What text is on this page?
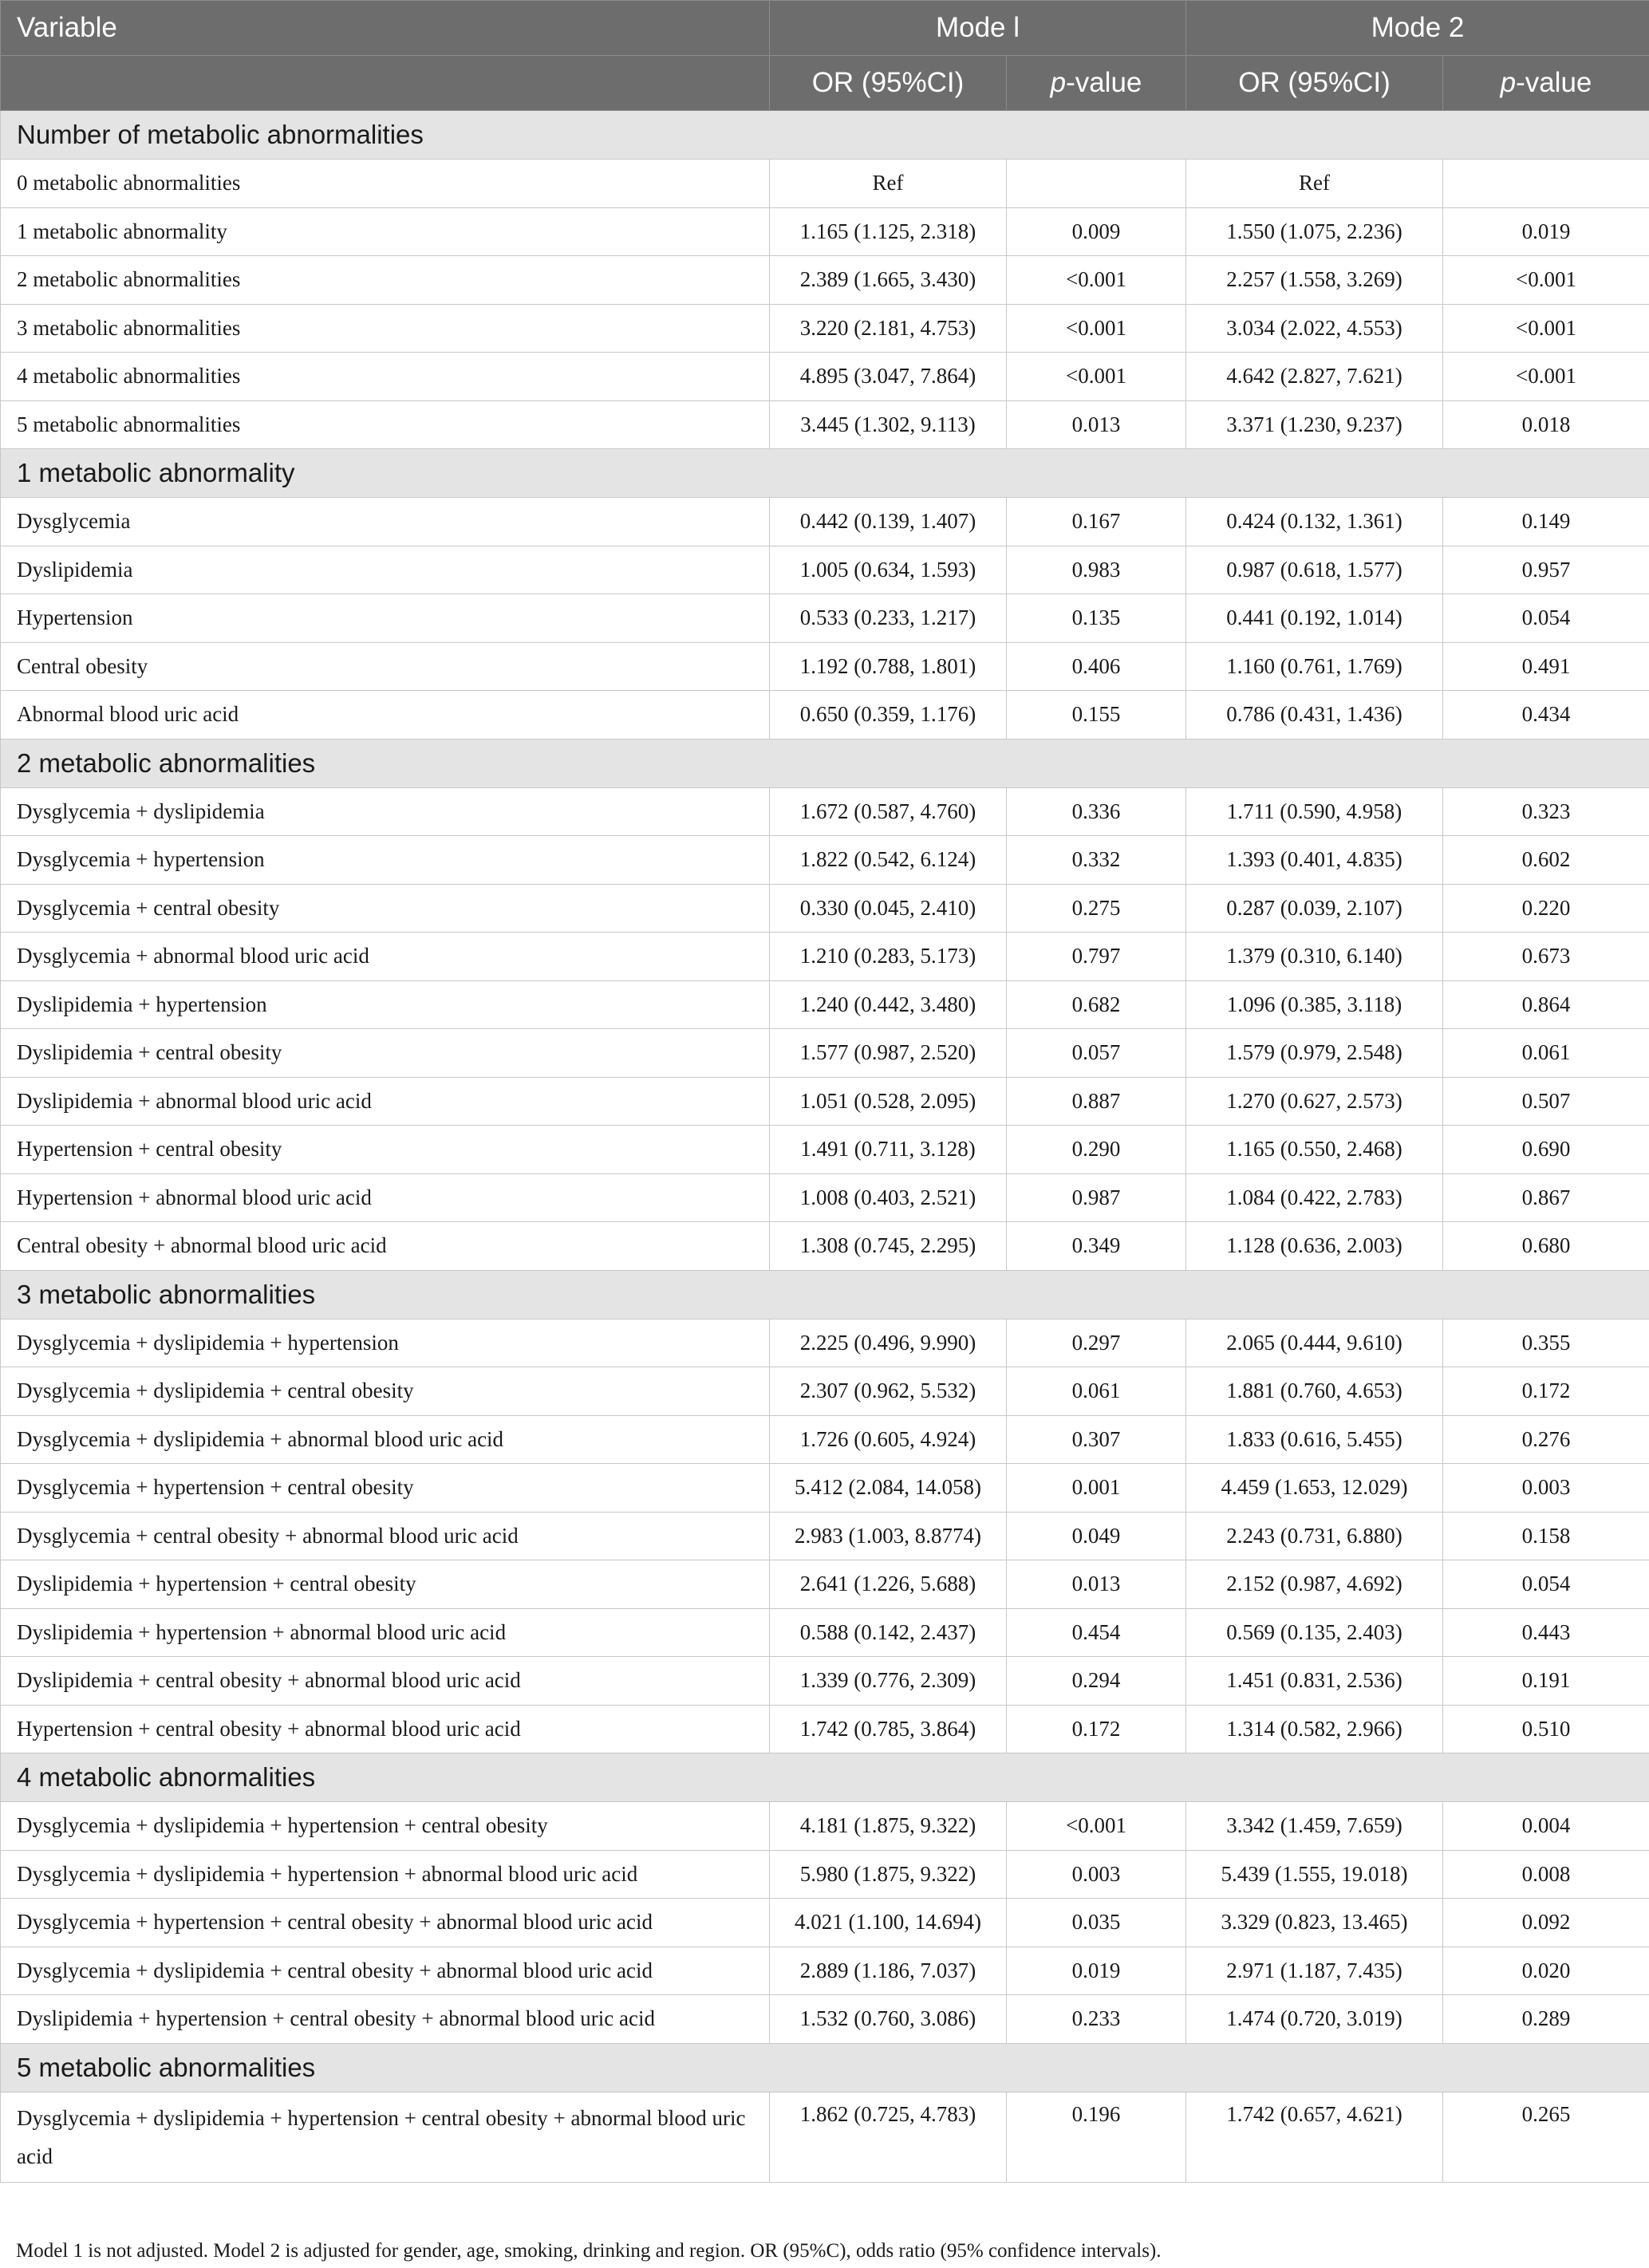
Variable	Mode l		Mode 2	
	OR (95%CI)	p-value	OR (95%CI)	p-value
Number of metabolic abnormalities				
0 metabolic abnormalities	Ref		Ref	
1 metabolic abnormality	1.165 (1.125, 2.318)	0.009	1.550 (1.075, 2.236)	0.019
2 metabolic abnormalities	2.389 (1.665, 3.430)	<0.001	2.257 (1.558, 3.269)	<0.001
3 metabolic abnormalities	3.220 (2.181, 4.753)	<0.001	3.034 (2.022, 4.553)	<0.001
4 metabolic abnormalities	4.895 (3.047, 7.864)	<0.001	4.642 (2.827, 7.621)	<0.001
5 metabolic abnormalities	3.445 (1.302, 9.113)	0.013	3.371 (1.230, 9.237)	0.018
1 metabolic abnormality				
Dysglycemia	0.442 (0.139, 1.407)	0.167	0.424 (0.132, 1.361)	0.149
Dyslipidemia	1.005 (0.634, 1.593)	0.983	0.987 (0.618, 1.577)	0.957
Hypertension	0.533 (0.233, 1.217)	0.135	0.441 (0.192, 1.014)	0.054
Central obesity	1.192 (0.788, 1.801)	0.406	1.160 (0.761, 1.769)	0.491
Abnormal blood uric acid	0.650 (0.359, 1.176)	0.155	0.786 (0.431, 1.436)	0.434
2 metabolic abnormalities				
Dysglycemia + dyslipidemia	1.672 (0.587, 4.760)	0.336	1.711 (0.590, 4.958)	0.323
Dysglycemia + hypertension	1.822 (0.542, 6.124)	0.332	1.393 (0.401, 4.835)	0.602
Dysglycemia + central obesity	0.330 (0.045, 2.410)	0.275	0.287 (0.039, 2.107)	0.220
Dysglycemia + abnormal blood uric acid	1.210 (0.283, 5.173)	0.797	1.379 (0.310, 6.140)	0.673
Dyslipidemia + hypertension	1.240 (0.442, 3.480)	0.682	1.096 (0.385, 3.118)	0.864
Dyslipidemia + central obesity	1.577 (0.987, 2.520)	0.057	1.579 (0.979, 2.548)	0.061
Dyslipidemia + abnormal blood uric acid	1.051 (0.528, 2.095)	0.887	1.270 (0.627, 2.573)	0.507
Hypertension + central obesity	1.491 (0.711, 3.128)	0.290	1.165 (0.550, 2.468)	0.690
Hypertension + abnormal blood uric acid	1.008 (0.403, 2.521)	0.987	1.084 (0.422, 2.783)	0.867
Central obesity + abnormal blood uric acid	1.308 (0.745, 2.295)	0.349	1.128 (0.636, 2.003)	0.680
3 metabolic abnormalities				
Dysglycemia + dyslipidemia + hypertension	2.225 (0.496, 9.990)	0.297	2.065 (0.444, 9.610)	0.355
Dysglycemia + dyslipidemia + central obesity	2.307 (0.962, 5.532)	0.061	1.881 (0.760, 4.653)	0.172
Dysglycemia + dyslipidemia + abnormal blood uric acid	1.726 (0.605, 4.924)	0.307	1.833 (0.616, 5.455)	0.276
Dysglycemia + hypertension + central obesity	5.412 (2.084, 14.058)	0.001	4.459 (1.653, 12.029)	0.003
Dysglycemia + central obesity + abnormal blood uric acid	2.983 (1.003, 8.8774)	0.049	2.243 (0.731, 6.880)	0.158
Dyslipidemia + hypertension + central obesity	2.641 (1.226, 5.688)	0.013	2.152 (0.987, 4.692)	0.054
Dyslipidemia + hypertension + abnormal blood uric acid	0.588 (0.142, 2.437)	0.454	0.569 (0.135, 2.403)	0.443
Dyslipidemia + central obesity + abnormal blood uric acid	1.339 (0.776, 2.309)	0.294	1.451 (0.831, 2.536)	0.191
Hypertension + central obesity + abnormal blood uric acid	1.742 (0.785, 3.864)	0.172	1.314 (0.582, 2.966)	0.510
4 metabolic abnormalities				
Dysglycemia + dyslipidemia + hypertension + central obesity	4.181 (1.875, 9.322)	<0.001	3.342 (1.459, 7.659)	0.004
Dysglycemia + dyslipidemia + hypertension + abnormal blood uric acid	5.980 (1.875, 9.322)	0.003	5.439 (1.555, 19.018)	0.008
Dysglycemia + hypertension + central obesity + abnormal blood uric acid	4.021 (1.100, 14.694)	0.035	3.329 (0.823, 13.465)	0.092
Dysglycemia + dyslipidemia + central obesity + abnormal blood uric acid	2.889 (1.186, 7.037)	0.019	2.971 (1.187, 7.435)	0.020
Dyslipidemia + hypertension + central obesity + abnormal blood uric acid	1.532 (0.760, 3.086)	0.233	1.474 (0.720, 3.019)	0.289
5 metabolic abnormalities				
Dysglycemia + dyslipidemia + hypertension + central obesity + abnormal blood uric acid	1.862 (0.725, 4.783)	0.196	1.742 (0.657, 4.621)	0.265
Model 1 is not adjusted. Model 2 is adjusted for gender, age, smoking, drinking and region. OR (95%C), odds ratio (95% confidence intervals).
